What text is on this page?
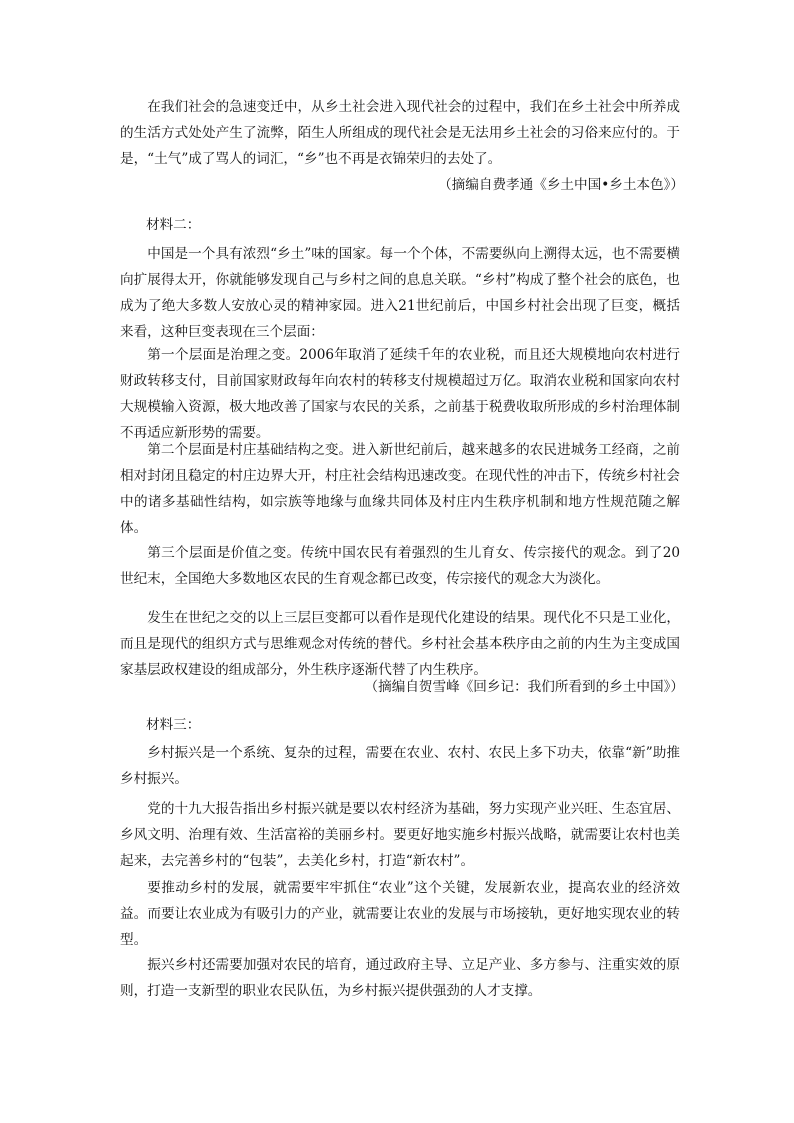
在我们社会的急速变迁中，从乡土社会进入现代社会的过程中，我们在乡土社会中所养成的生活方式处处产生了流弊，陌生人所组成的现代社会是无法用乡土社会的习俗来应付的。于是，“土气”成了骂人的词汇，“乡”也不再是衣锦荣归的去处了。

（摘编自费孝通《乡土中国•乡土本色》）

材料二：

中国是一个具有浓烈“乡土”味的国家。每一个个体，不需要纵向上溯得太远，也不需要横向扩展得太开，你就能够发现自己与乡村之间的息息关联。“乡村”构成了整个社会的底色，也成为了绝大多数人安放心灵的精神家园。进入21世纪前后，中国乡村社会出现了巨变，概括来看，这种巨变表现在三个层面：

第一个层面是治理之变。2006年取消了延续千年的农业税，而且还大规模地向农村进行财政转移支付，目前国家财政每年向农村的转移支付规模超过万亿。取消农业税和国家向农村大规模输入资源，极大地改善了国家与农民的关系，之前基于税费收取所形成的乡村治理体制不再适应新形势的需要。

第二个层面是村庄基础结构之变。进入新世纪前后，越来越多的农民进城务工经商，之前相对封闭且稳定的村庄边界大开，村庄社会结构迅速改变。在现代性的冲击下，传统乡村社会中的诸多基础性结构，如宗族等地缘与血缘共同体及村庄内生秩序机制和地方性规范随之解体。

第三个层面是价值之变。传统中国农民有着强烈的生儿育女、传宗接代的观念。到了20世纪末，全国绝大多数地区农民的生育观念都已改变，传宗接代的观念大为淡化。

发生在世纪之交的以上三层巨变都可以看作是现代化建设的结果。现代化不只是工业化，而且是现代的组织方式与思维观念对传统的替代。乡村社会基本秩序由之前的内生为主变成国家基层政权建设的组成部分，外生秩序逐渐代替了内生秩序。

（摘编自贺雪峰《回乡记：我们所看到的乡土中国》）

材料三：

乡村振兴是一个系统、复杂的过程，需要在农业、农村、农民上多下功夫，依靠“新”助推乡村振兴。

党的十九大报告指出乡村振兴就是要以农村经济为基础，努力实现产业兴旺、生态宜居、乡风文明、治理有效、生活富裕的美丽乡村。要更好地实施乡村振兴战略，就需要让农村也美起来，去完善乡村的“包装”，去美化乡村，打造“新农村”。

要推动乡村的发展，就需要牢牢抓住“农业”这个关键，发展新农业，提高农业的经济效益。而要让农业成为有吸引力的产业，就需要让农业的发展与市场接轨，更好地实现农业的转型。

振兴乡村还需要加强对农民的培育，通过政府主导、立足产业、多方参与、注重实效的原则，打造一支新型的职业农民队伍，为乡村振兴提供强劲的人才支撑。
